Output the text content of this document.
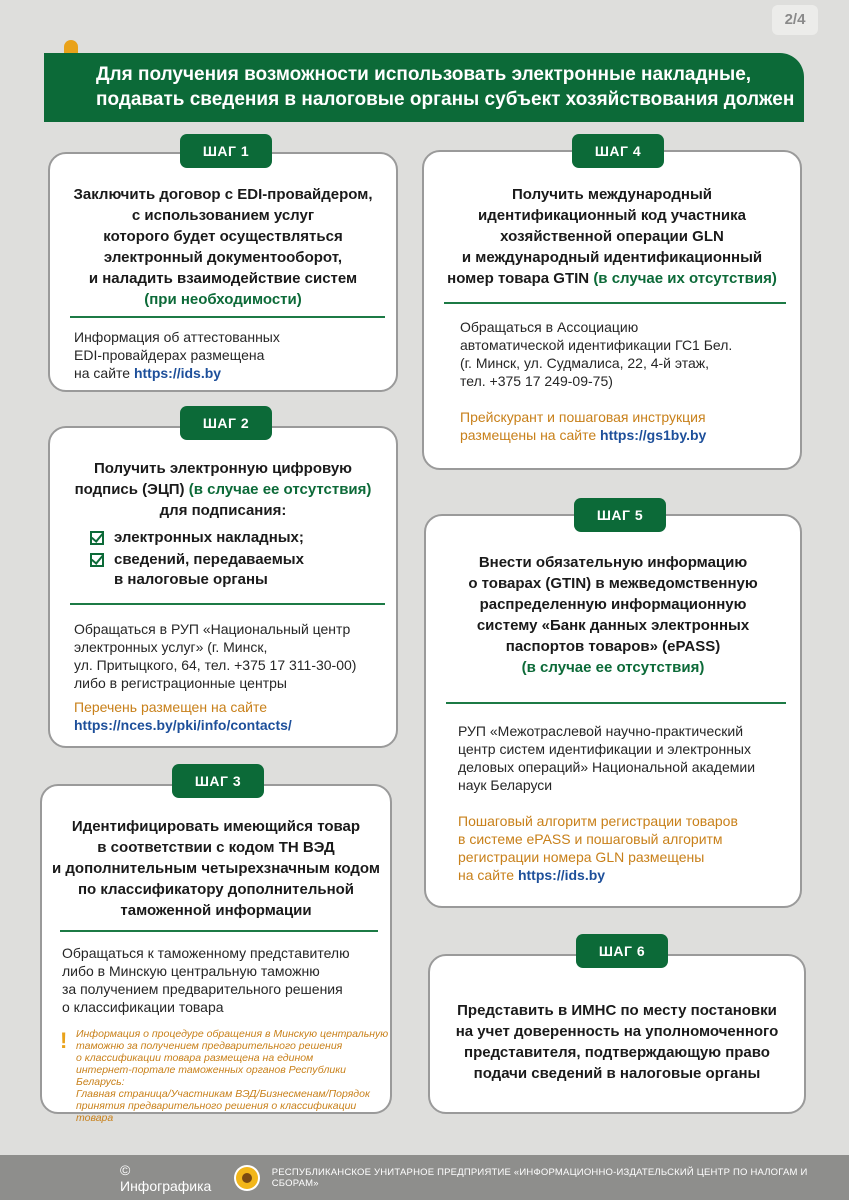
2/4
Для получения возможности использовать электронные накладные,
подавать сведения в налоговые органы субъект хозяйствования должен
Заключить договор с EDI-провайдером,
с использованием услуг
которого будет осуществляться
электронный документооборот,
и наладить взаимодействие систем
(при необходимости)
Информация об аттестованных
EDI-провайдерах размещена
на сайте https://ids.by
ШАГ 1
Получить электронную цифровую
подпись (ЭЦП) (в случае ее отсутствия)
для подписания:
электронных накладных;
сведений, передаваемых
в налоговые органы
Обращаться в РУП «Национальный центр
электронных услуг» (г. Минск,
ул. Притыцкого, 64, тел. +375 17 311-30-00)
либо в регистрационные центры
Перечень размещен на сайте
https://nces.by/pki/info/contacts/
ШАГ 2
Идентифицировать имеющийся товар
в соответствии с кодом ТН ВЭД
и дополнительным четырехзначным кодом
по классификатору дополнительной
таможенной информации
Обращаться к таможенному представителю
либо в Минскую центральную таможню
за получением предварительного решения
о классификации товара
Информация о процедуре обращения в Минскую центральную
таможню за получением предварительного решения
о классификации товара размещена на едином
интернет-портале таможенных органов Республики Беларусь:
Главная страница/Участникам ВЭД/Бизнесменам/Порядок
принятия предварительного решения о классификации товара
!
ШАГ 3
Получить международный
идентификационный код участника
хозяйственной операции GLN
и международный идентификационный
номер товара GTIN (в случае их отсутствия)
Обращаться в Ассоциацию
автоматической идентификации ГС1 Бел.
(г. Минск, ул. Судмалиса, 22, 4-й этаж,
тел. +375 17 249-09-75)
Прейскурант и пошаговая инструкция
размещены на сайте https://gs1by.by
ШАГ 4
Внести обязательную информацию
о товарах (GTIN) в межведомственную
распределенную информационную
систему «Банк данных электронных
паспортов товаров» (ePASS)
(в случае ее отсутствия)
РУП «Межотраслевой научно-практический
центр систем идентификации и электронных
деловых операций» Национальной академии
наук Беларуси
Пошаговый алгоритм регистрации товаров
в системе ePASS и пошаговый алгоритм
регистрации номера GLN размещены
на сайте https://ids.by
ШАГ 5
Представить в ИМНС по месту постановки
на учет доверенность на уполномоченного
представителя, подтверждающую право
подачи сведений в налоговые органы
ШАГ 6
© Инфографика
РЕСПУБЛИКАНСКОЕ УНИТАРНОЕ ПРЕДПРИЯТИЕ «ИНФОРМАЦИОННО-ИЗДАТЕЛЬСКИЙ ЦЕНТР ПО НАЛОГАМ И СБОРАМ»
